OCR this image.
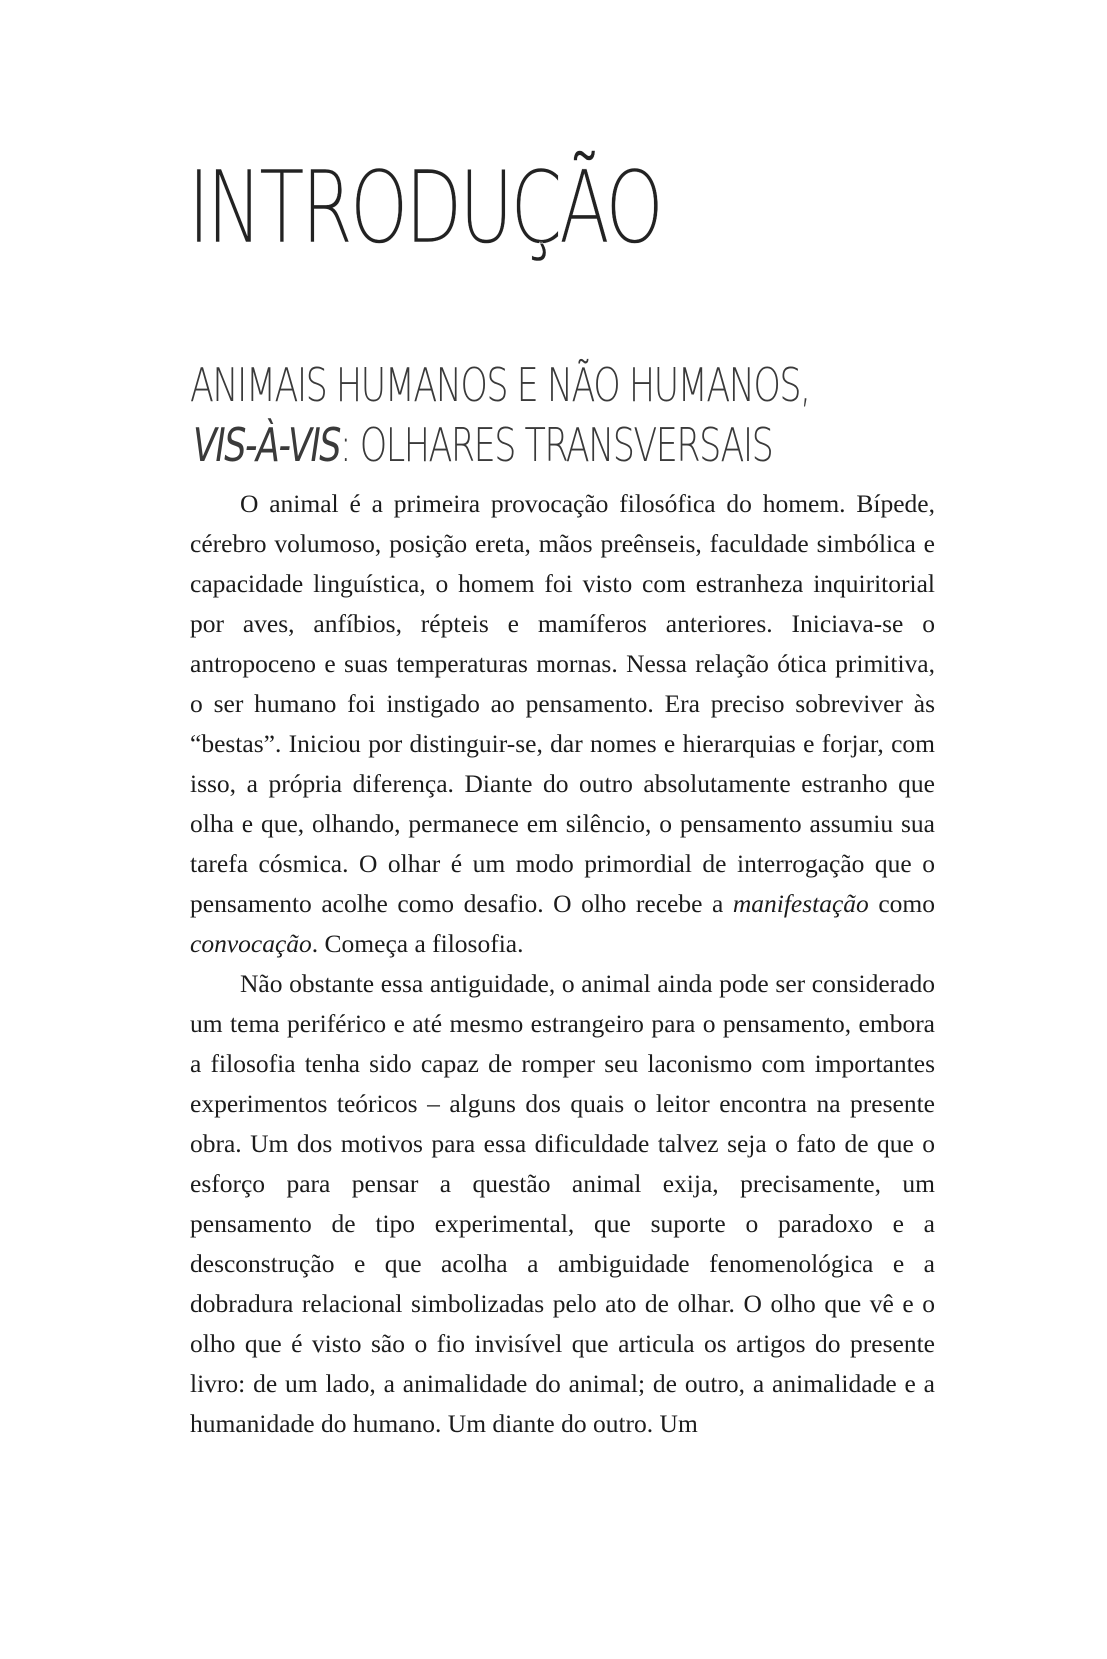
INTRODUÇÃO
ANIMAIS HUMANOS E NÃO HUMANOS,
VIS-À-VIS: OLHARES TRANSVERSAIS

O animal é a primeira provocação filosófica do homem. Bípede, cérebro volumoso, posição ereta, mãos preênseis, faculdade simbólica e capacidade linguística, o homem foi visto com estranheza inquiritorial por aves, anfíbios, répteis e mamíferos anteriores. Iniciava-se o antropoceno e suas temperaturas mornas. Nessa relação ótica primitiva, o ser humano foi instigado ao pensamento. Era preciso sobreviver às “bestas”. Iniciou por distinguir-se, dar nomes e hierarquias e forjar, com isso, a própria diferença. Diante do outro absolutamente estranho que olha e que, olhando, permanece em silêncio, o pensamento assumiu sua tarefa cósmica. O olhar é um modo primordial de interrogação que o pensamento acolhe como desafio. O olho recebe a manifestação como convocação. Começa a filosofia.

Não obstante essa antiguidade, o animal ainda pode ser considerado um tema periférico e até mesmo estrangeiro para o pensamento, embora a filosofia tenha sido capaz de romper seu laconismo com importantes experimentos teóricos – alguns dos quais o leitor encontra na presente obra. Um dos motivos para essa dificuldade talvez seja o fato de que o esforço para pensar a questão animal exija, precisamente, um pensamento de tipo experimental, que suporte o paradoxo e a desconstrução e que acolha a ambiguidade fenomenológica e a dobradura relacional simbolizadas pelo ato de olhar. O olho que vê e o olho que é visto são o fio invisível que articula os artigos do presente livro: de um lado, a animalidade do animal; de outro, a animalidade e a humanidade do humano. Um diante do outro. Um
